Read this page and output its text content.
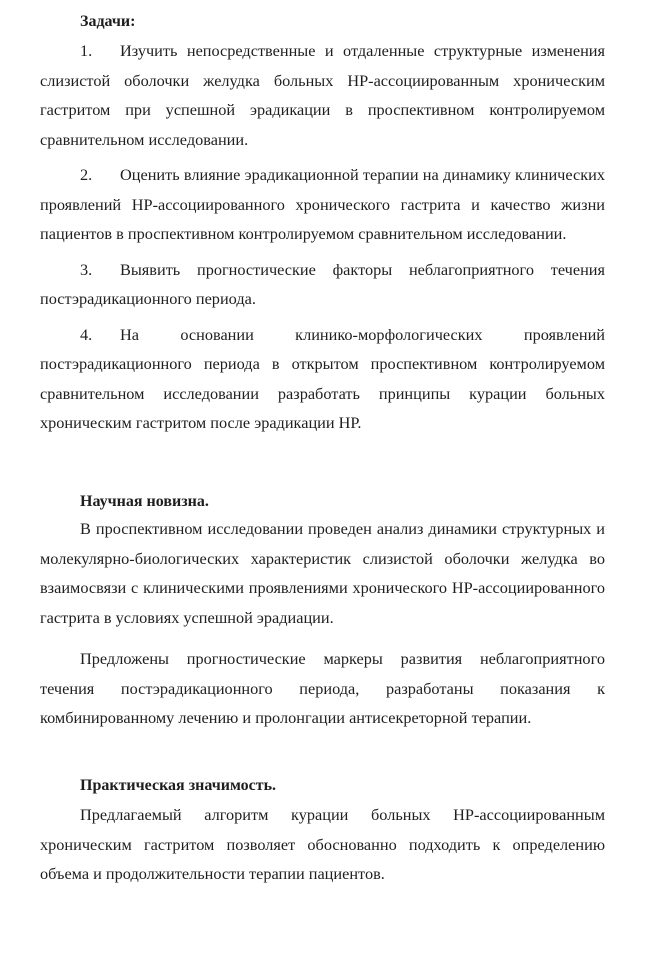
Задачи:

1. Изучить непосредственные и отдаленные структурные изменения слизистой оболочки желудка больных НР-ассоциированным хроническим гастритом при успешной эрадикации в проспективном контролируемом сравнительном исследовании.

2. Оценить влияние эрадикационной терапии на динамику клинических проявлений НР-ассоциированного хронического гастрита и качество жизни пациентов в проспективном контролируемом сравнительном исследовании.

3. Выявить прогностические факторы неблагоприятного течения постэрадикационного периода.

4. На основании клинико-морфологических проявлений постэрадикационного периода в открытом проспективном контролируемом сравнительном исследовании разработать принципы курации больных хроническим гастритом после эрадикации НР.

Научная новизна.

В проспективном исследовании проведен анализ динамики структурных и молекулярно-биологических характеристик слизистой оболочки желудка во взаимосвязи с клиническими проявлениями хронического НР-ассоциированного гастрита в условиях успешной эрадиации.

Предложены прогностические маркеры развития неблагоприятного течения постэрадикационного периода, разработаны показания к комбинированному лечению и пролонгации антисекреторной терапии.

Практическая значимость.

Предлагаемый алгоритм курации больных НР-ассоциированным хроническим гастритом позволяет обоснованно подходить к определению объема и продолжительности терапии пациентов.
